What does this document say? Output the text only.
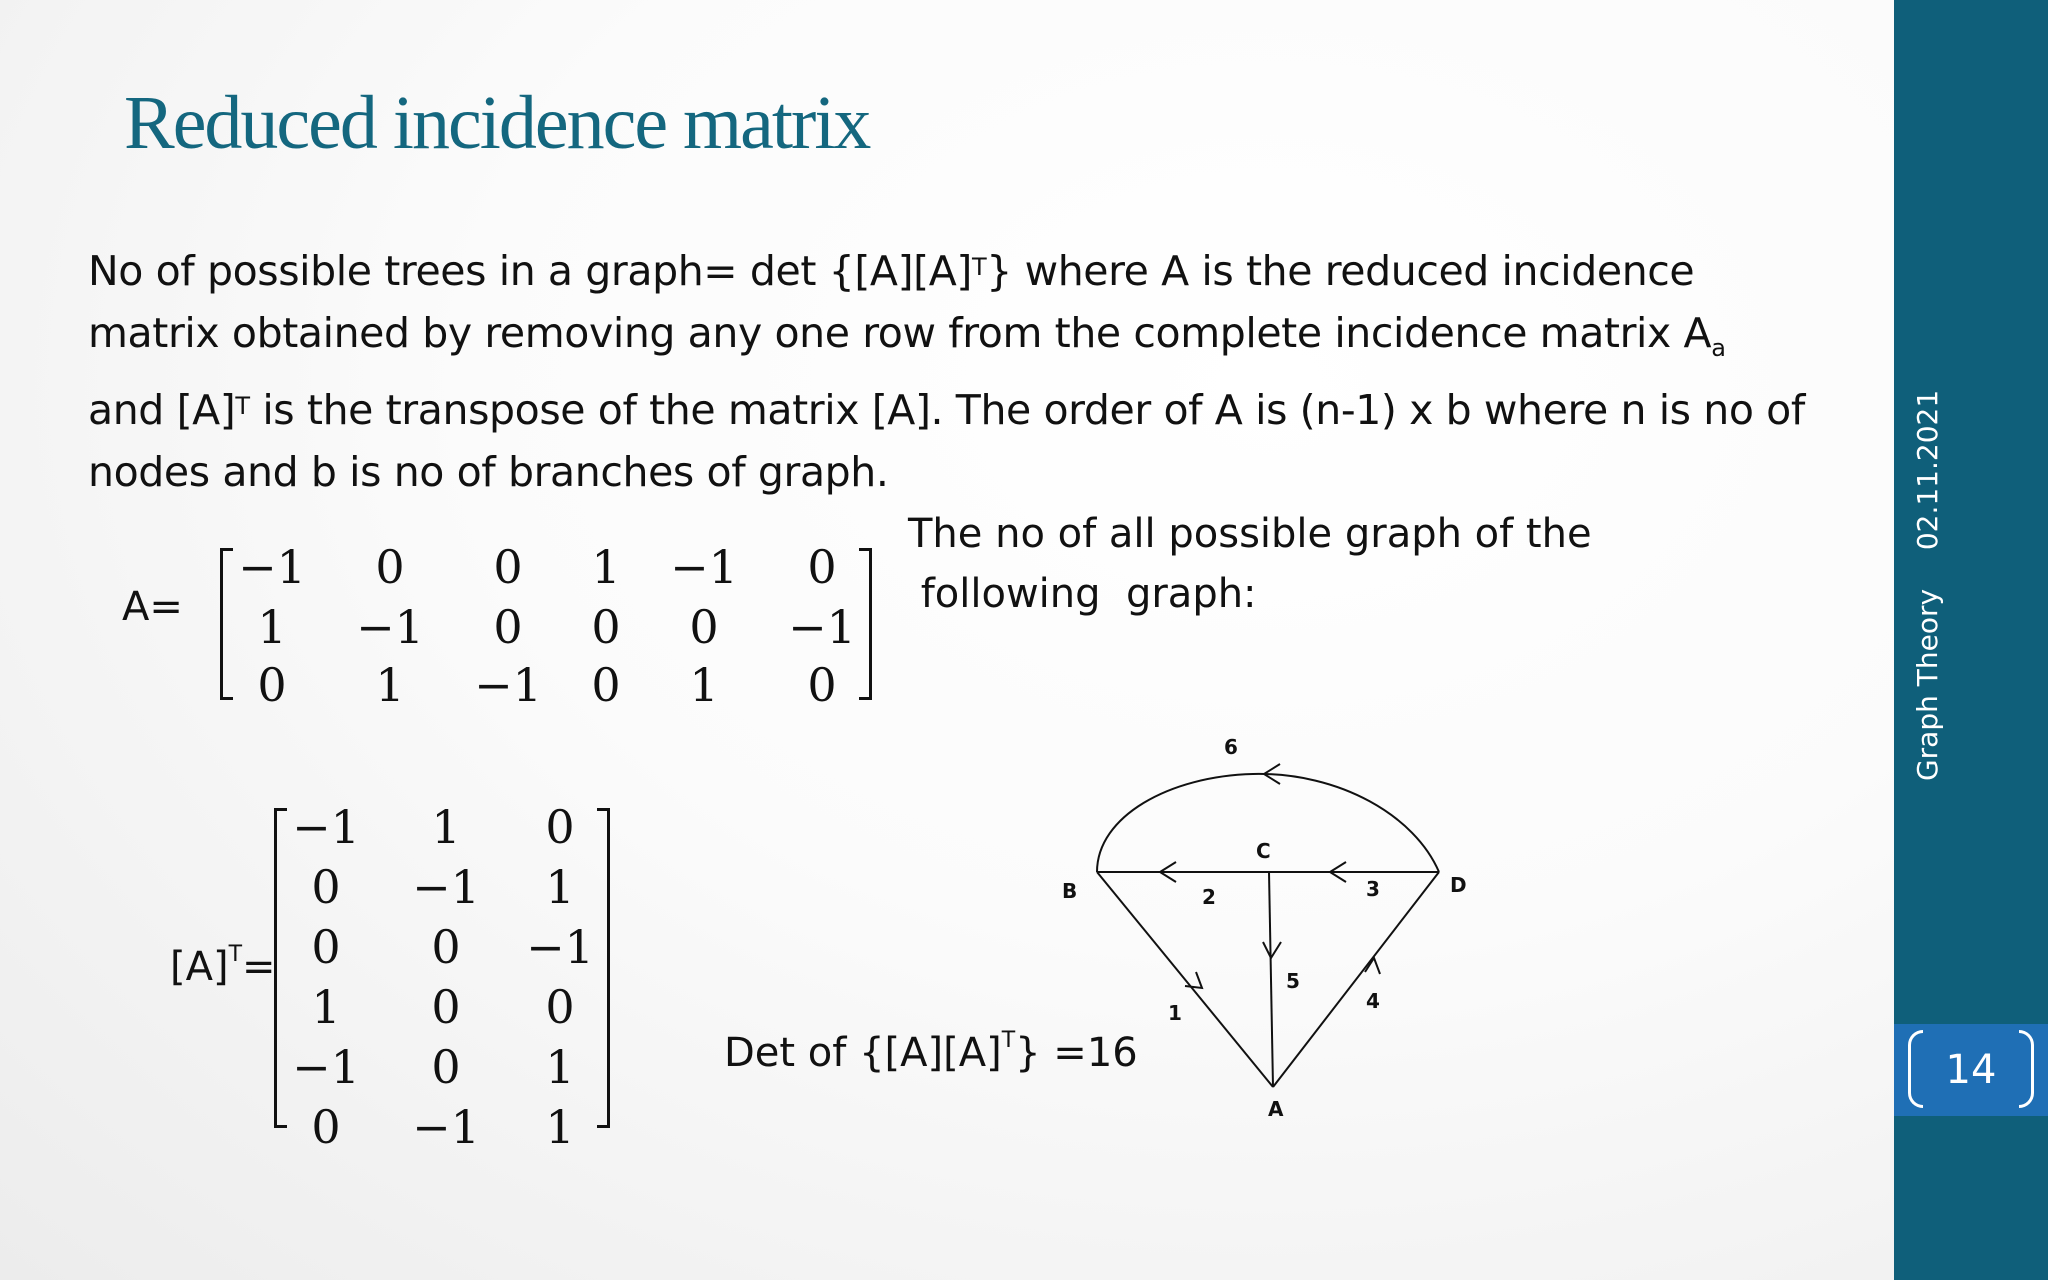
Reduced incidence matrix

No of possible trees in a graph= $\det \{[A][A]^T\}$ where A is the reduced incidence matrix obtained by removing any one row from the complete incidence matrix $A_a$ and $[A]^T$ is the transpose of the matrix [A]. The order of A is (n-1) x b where n is no of nodes and b is no of branches of graph.

A=
−1 0 0 1 −1 0
1 −1 0 0 0 −1
0 1 −1 0 1 0
$[A]^T=$
−1 1 0
0 −1 1
0 0 −1
1 0 0
−1 0 1
0 −1 1
The no of all possible graph of the
following  graph:
Det of $\{[A][A]^T\} =16$
B
C
D
A
6
2	3
5
4
1
02.11.2021
Graph Theory
14
